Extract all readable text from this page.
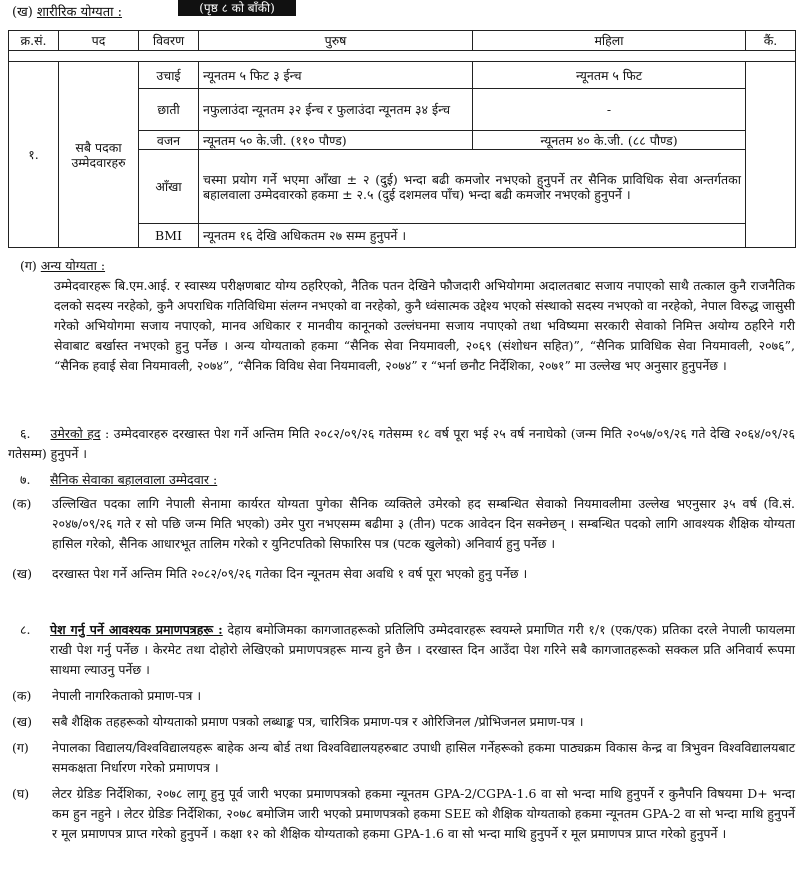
(ख) शारीरिक योग्यता :	(पृष्ठ ८ को बाँकी)
क्र.सं.	पद	विवरण	पुरुष	महिला	कैं.

१.	सबै पदका उम्मेदवारहरु	उचाई	न्यूनतम ५ फिट ३ ईन्च	न्यूनतम ५ फिट	
		छाती	नफुलाउंदा न्यूनतम ३२ ईन्च र फुलाउंदा न्यूनतम ३४ ईन्च	-	
		वजन	न्यूनतम ५० के.जी. (११० पौण्ड)	न्यूनतम ४० के.जी. (८८ पौण्ड)	
		आँखा	चस्मा प्रयोग गर्ने भएमा आँखा ± २ (दुई) भन्दा बढी कमजोर नभएको हुनुपर्ने तर सैनिक प्राविधिक सेवा अन्तर्गतका बहालवाला उम्मेदवारको हकमा ± २.५ (दुई दशमलव पाँच) भन्दा बढी कमजोर नभएको हुनुपर्ने ।		
		BMI	न्यूनतम १६ देखि अधिकतम २७ सम्म हुनुपर्ने ।		
(ग) अन्य योग्यता :

उम्मेदवारहरू बि.एम.आई. र स्वास्थ्य परीक्षणबाट योग्य ठहरिएको, नैतिक पतन देखिने फौजदारी अभियोगमा अदालतबाट सजाय नपाएको साथै तत्काल कुनै राजनैतिक दलको सदस्य नरहेको, कुनै अपराधिक गतिविधिमा संलग्न नभएको वा नरहेको, कुनै ध्वंसात्मक उद्देश्य भएको संस्थाको सदस्य नभएको वा नरहेको, नेपाल विरुद्ध जासुसी गरेको अभियोगमा सजाय नपाएको, मानव अधिकार र मानवीय कानूनको उल्लंघनमा सजाय नपाएको तथा भविष्यमा सरकारी सेवाको निमित्त अयोग्य ठहरिने गरी सेवाबाट बर्खास्त नभएको हुनु पर्नेछ । अन्य योग्यताको हकमा “सैनिक सेवा नियमावली, २०६९ (संशोधन सहित)”, “सैनिक प्राविधिक सेवा नियमावली, २०७६”, “सैनिक हवाई सेवा नियमावली, २०७४”, “सैनिक विविध सेवा नियमावली, २०७४” र “भर्ना छनौट निर्देशिका, २०७१” मा उल्लेख भए अनुसार हुनुपर्नेछ ।

६. उमेरको हद : उम्मेदवारहरु दरखास्त पेश गर्ने अन्तिम मिति २०८२/०९/२६ गतेसम्म १८ वर्ष पूरा भई २५ वर्ष ननाघेको (जन्म मिति २०५७/०९/२६ गते देखि २०६४/०९/२६ गतेसम्म) हुनुपर्ने ।
७. सैनिक सेवाका बहालवाला उम्मेदवार :
(क)	उल्लिखित पदका लागि नेपाली सेनामा कार्यरत योग्यता पुगेका सैनिक व्यक्तिले उमेरको हद सम्बन्धित सेवाको नियमावलीमा उल्लेख भएनुसार ३५ वर्ष (वि.सं. २०४७/०९/२६ गते र सो पछि जन्म मिति भएको) उमेर पुरा नभएसम्म बढीमा ३ (तीन) पटक आवेदन दिन सक्नेछन् । सम्बन्धित पदको लागि आवश्यक शैक्षिक योग्यता हासिल गरेको, सैनिक आधारभूत तालिम गरेको र युनिटपतिको सिफारिस पत्र (पटक खुलेको) अनिवार्य हुनु पर्नेछ ।
(ख)	दरखास्त पेश गर्ने अन्तिम मिति २०८२/०९/२६ गतेका दिन न्यूनतम सेवा अवधि १ वर्ष पूरा भएको हुनु पर्नेछ ।
८.	पेश गर्नु पर्ने आवश्यक प्रमाणपत्रहरू : देहाय बमोजिमका कागजातहरूको प्रतिलिपि उम्मेदवारहरू स्वयम्ले प्रमाणित गरी १/१ (एक/एक) प्रतिका दरले नेपाली फायलमा राखी पेश गर्नु पर्नेछ । केरमेट तथा दोहोरो लेखिएको प्रमाणपत्रहरू मान्य हुने छैन । दरखास्त दिन आउँदा पेश गरिने सबै कागजातहरूको सक्कल प्रति अनिवार्य रूपमा साथमा ल्याउनु पर्नेछ ।
(क)	नेपाली नागरिकताको प्रमाण-पत्र ।
(ख)	सबै शैक्षिक तहहरूको योग्यताको प्रमाण पत्रको लब्धाङ्क पत्र, चारित्रिक प्रमाण-पत्र र ओरिजिनल /प्रोभिजनल प्रमाण-पत्र ।
(ग)	नेपालका विद्यालय/विश्वविद्यालयहरू बाहेक अन्य बोर्ड तथा विश्वविद्यालयहरुबाट उपाधी हासिल गर्नेहरूको हकमा पाठ्यक्रम विकास केन्द्र वा त्रिभुवन विश्वविद्यालयबाट समकक्षता निर्धारण गरेको प्रमाणपत्र ।
(घ)	लेटर ग्रेडिङ निर्देशिका, २०७८ लागू हुनु पूर्व जारी भएका प्रमाणपत्रको हकमा न्यूनतम GPA-2/CGPA-1.6 वा सो भन्दा माथि हुनुपर्ने र कुनैपनि विषयमा D+ भन्दा कम हुन नहुने । लेटर ग्रेडिङ निर्देशिका, २०७८ बमोजिम जारी भएको प्रमाणपत्रको हकमा SEE को शैक्षिक योग्यताको हकमा न्यूनतम GPA-2 वा सो भन्दा माथि हुनुपर्ने र मूल प्रमाणपत्र प्राप्त गरेको हुनुपर्ने । कक्षा १२ को शैक्षिक योग्यताको हकमा GPA-1.6 वा सो भन्दा माथि हुनुपर्ने र मूल प्रमाणपत्र प्राप्त गरेको हुनुपर्ने ।
